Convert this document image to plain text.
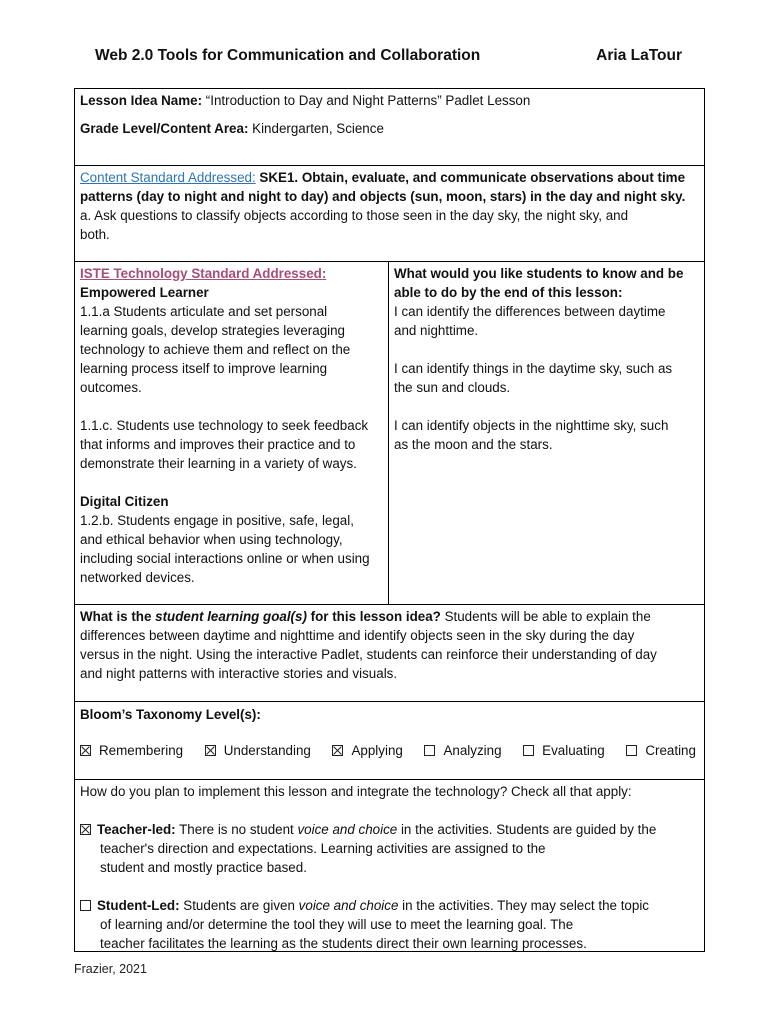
Web 2.0 Tools for Communication and Collaboration	Aria LaTour

Lesson Idea Name: “Introduction to Day and Night Patterns” Padlet Lesson

Grade Level/Content Area: Kindergarten, Science

Content Standard Addressed: SKE1. Obtain, evaluate, and communicate observations about time

patterns (day to night and night to day) and objects (sun, moon, stars) in the day and night sky.

a. Ask questions to classify objects according to those seen in the day sky, the night sky, and

both.

ISTE Technology Standard Addressed:

Empowered Learner

1.1.a Students articulate and set personal

learning goals, develop strategies leveraging

technology to achieve them and reflect on the

learning process itself to improve learning

outcomes.

1.1.c. Students use technology to seek feedback

that informs and improves their practice and to

demonstrate their learning in a variety of ways.

Digital Citizen

1.2.b. Students engage in positive, safe, legal,

and ethical behavior when using technology,

including social interactions online or when using

networked devices.

What would you like students to know and be

able to do by the end of this lesson:

I can identify the differences between daytime

and nighttime.

I can identify things in the daytime sky, such as

the sun and clouds.

I can identify objects in the nighttime sky, such

as the moon and the stars.

What is the student learning goal(s) for this lesson idea? Students will be able to explain the

differences between daytime and nighttime and identify objects seen in the sky during the day

versus in the night. Using the interactive Padlet, students can reinforce their understanding of day

and night patterns with interactive stories and visuals.

Bloom’s Taxonomy Level(s):

Remembering	Understanding	Applying	Analyzing	Evaluating	Creating

How do you plan to implement this lesson and integrate the technology? Check all that apply:

Teacher-led: There is no student voice and choice in the activities. Students are guided by the

teacher's direction and expectations. Learning activities are assigned to the

student and mostly practice based.

Student-Led: Students are given voice and choice in the activities. They may select the topic

of learning and/or determine the tool they will use to meet the learning goal. The

teacher facilitates the learning as the students direct their own learning processes.

Frazier, 2021
